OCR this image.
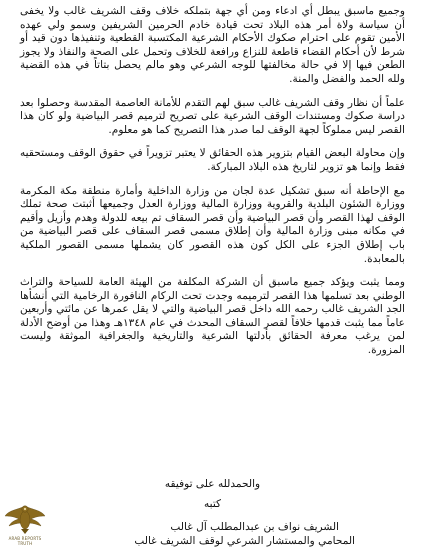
وجميع ماسبق يبطل أي ادعاء ومن أي جهة بتملكه خلاف وقف الشريف غالب ولا يخفى أن سياسة ولاة أمر هذه البلاد تحت قيادة خادم الحرمين الشريفين وسمو ولي عهده الأمين تقوم على احترام صكوك الأحكام الشرعية المكتسبة القطعية وتنفيذها دون قيد أو شرط لأن أحكام القضاء قاطعة للنزاع ورافعة للخلاف وتحمل على الصحة والنفاذ ولا يجوز الطعن فيها إلا في حالة مخالفتها للوجه الشرعي وهو مالم يحصل بتاتاً في هذه القضية ولله الحمد والفضل والمنة.

علماً أن نظار وقف الشريف غالب سبق لهم التقدم للأمانة العاصمة المقدسة وحصلوا بعد دراسة صكوك ومستندات الوقف الشرعية على تصريح لترميم قصر البياضية ولو كان هذا القصر ليس مملوكاً لجهة الوقف لما صدر هذا التصريح كما هو معلوم.

وإن محاولة البعض القيام بتزوير هذه الحقائق لا يعتبر تزويراً في حقوق الوقف ومستحقيه فقط وإنما هو تزوير لتاريخ هذه البلاد المباركة.

مع الإحاطة أنه سبق تشكيل عدة لجان من وزارة الداخلية وأمارة منطقة مكة المكرمة ووزارة الشئون البلدية والقروية ووزارة المالية ووزارة العدل وجميعها أثبتت صحة تملك الوقف لهذا القصر وأن قصر البياضية وأن قصر السقاف تم بيعه للدولة وهدم وأزيل وأقيم في مكانه مبنى وزارة المالية وأن إطلاق مسمى قصر السقاف على قصر البياضية من باب إطلاق الجزء على الكل كون هذه القصور كان يشملها مسمى القصور الملكية بالمعابدة.

ومما يثبت ويؤكد جميع ماسبق أن الشركة المكلفة من الهيئة العامة للسياحة والتراث الوطني بعد تسلمها هذا القصر لترميمه وجدت تحت الركام النافورة الرخامية التي أنشأها الجد الشريف غالب رحمه الله داخل قصر البياضية والتي لا يقل عمرها عن مائتي وأربعين عاماً مما يثبت قدمها خلافاً لقصر السقاف المحدث في عام ١٣٤٨هـ وهذا من أوضح الأدلة لمن يرغب معرفة الحقائق بأدلتها الشرعية والتاريخية والجغرافية الموثقة وليست المزورة.

والحمدلله على توفيقه

كتبه

الشريف نواف بن عبدالمطلب آل غالب

المحامي والمستشار الشرعي لوقف الشريف غالب

ARAB REPORTS TRUTH
